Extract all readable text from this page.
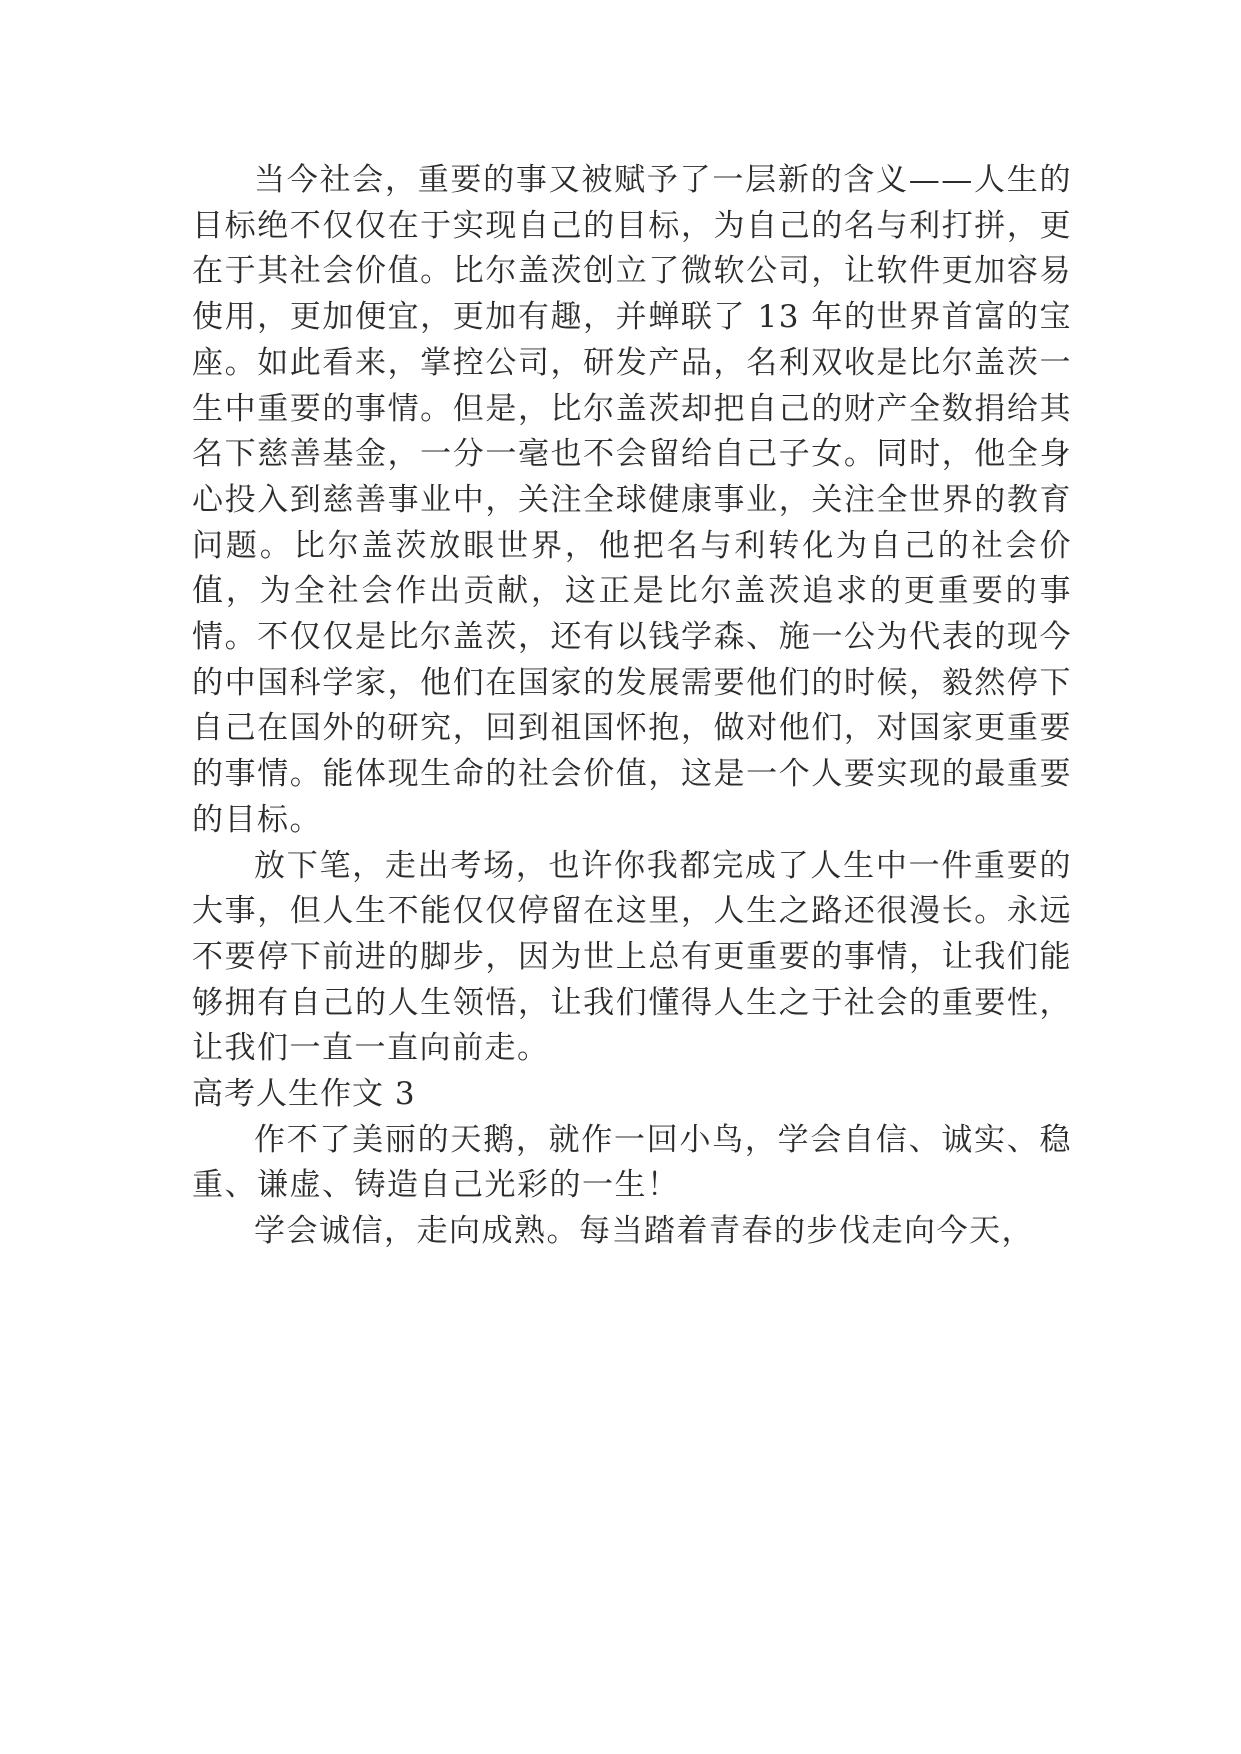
当今社会，重要的事又被赋予了一层新的含义——人生的目标绝不仅仅在于实现自己的目标，为自己的名与利打拼，更在于其社会价值。比尔盖茨创立了微软公司，让软件更加容易使用，更加便宜，更加有趣，并蝉联了 13 年的世界首富的宝座。如此看来，掌控公司，研发产品，名利双收是比尔盖茨一生中重要的事情。但是，比尔盖茨却把自己的财产全数捐给其名下慈善基金，一分一毫也不会留给自己子女。同时，他全身心投入到慈善事业中，关注全球健康事业，关注全世界的教育问题。比尔盖茨放眼世界，他把名与利转化为自己的社会价值，为全社会作出贡献，这正是比尔盖茨追求的更重要的事情。不仅仅是比尔盖茨，还有以钱学森、施一公为代表的现今的中国科学家，他们在国家的发展需要他们的时候，毅然停下自己在国外的研究，回到祖国怀抱，做对他们，对国家更重要的事情。能体现生命的社会价值，这是一个人要实现的最重要的目标。

放下笔，走出考场，也许你我都完成了人生中一件重要的大事，但人生不能仅仅停留在这里，人生之路还很漫长。永远不要停下前进的脚步，因为世上总有更重要的事情，让我们能够拥有自己的人生领悟，让我们懂得人生之于社会的重要性，让我们一直一直向前走。

高考人生作文 3

作不了美丽的天鹅，就作一回小鸟，学会自信、诚实、稳重、谦虚、铸造自己光彩的一生！

学会诚信，走向成熟。每当踏着青春的步伐走向今天，
